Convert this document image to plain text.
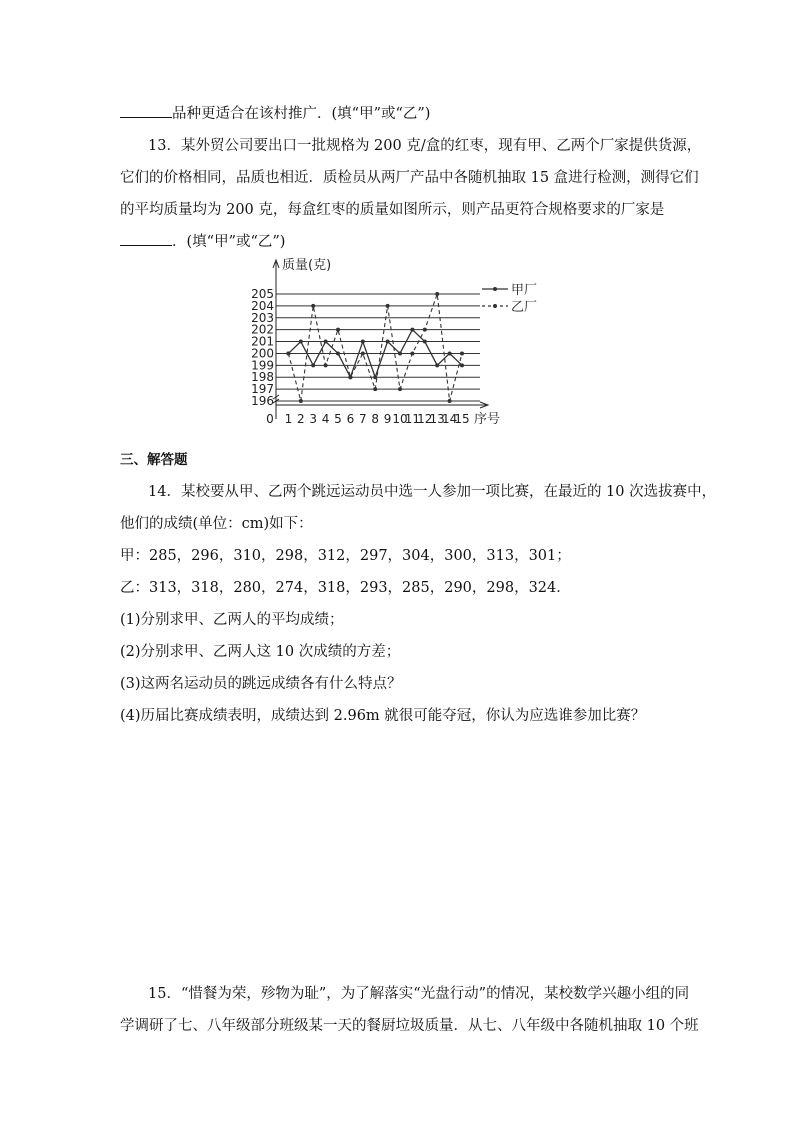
品种更适合在该村推广．(填“甲”或“乙”)
13．某外贸公司要出口一批规格为 200 克/盒的红枣，现有甲、乙两个厂家提供货源，
它们的价格相同，品质也相近．质检员从两厂产品中各随机抽取 15 盒进行检测，测得它们
的平均质量均为 200 克，每盒红枣的质量如图所示，则产品更符合规格要求的厂家是
．(填“甲”或“乙”)
196
197
198
199
200
201
202
203
204
205
质量(克)
序号
0 1 2 3 4 5 6 7 8 9 10
11
12
13
14
15
甲厂
乙厂
三、解答题
14．某校要从甲、乙两个跳远运动员中选一人参加一项比赛，在最近的 10 次选拔赛中，
他们的成绩(单位：cm)如下：
甲：285，296，310，298，312，297，304，300，313，301；
乙：313，318，280，274，318，293，285，290，298，324．
(1)分别求甲、乙两人的平均成绩；
(2)分别求甲、乙两人这 10 次成绩的方差；
(3)这两名运动员的跳远成绩各有什么特点？
(4)历届比赛成绩表明，成绩达到 2.96m 就很可能夺冠，你认为应选谁参加比赛？
15．“惜餐为荣，殄物为耻”，为了解落实“光盘行动”的情况，某校数学兴趣小组的同
学调研了七、八年级部分班级某一天的餐厨垃圾质量．从七、八年级中各随机抽取 10 个班
